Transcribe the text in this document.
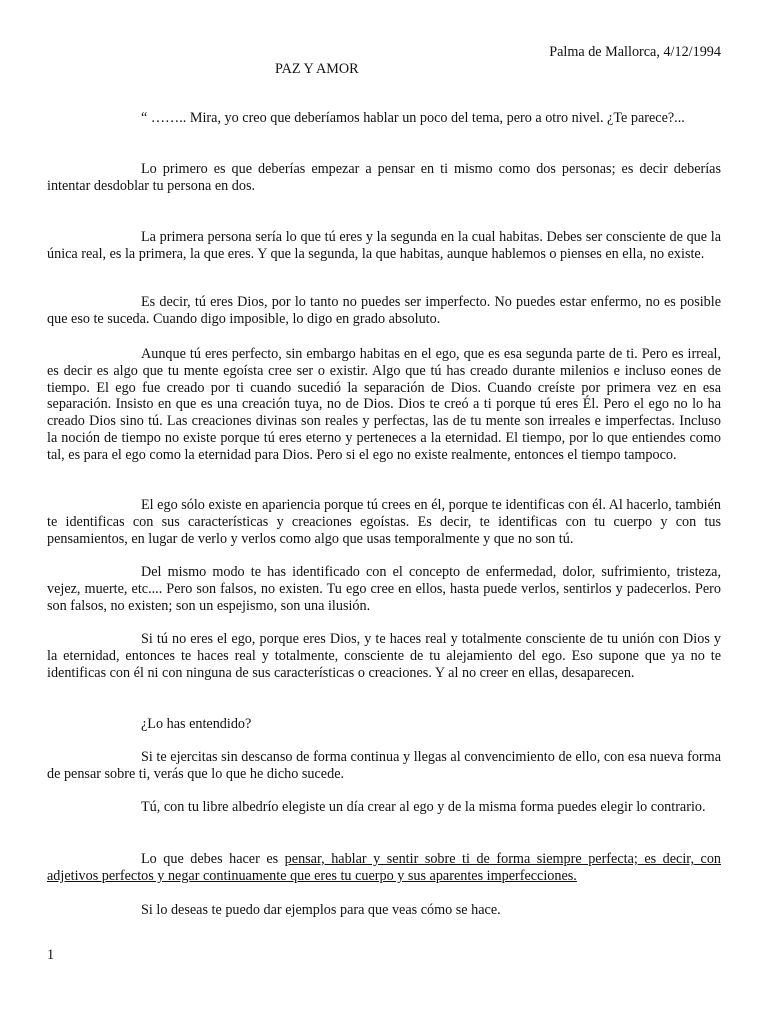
Palma de Mallorca, 4/12/1994
PAZ Y AMOR

“ …….. Mira, yo creo que deberíamos hablar un poco del tema, pero a otro nivel. ¿Te parece?...

Lo primero es que deberías empezar a pensar en ti mismo como dos personas; es decir deberías intentar desdoblar tu persona en dos.

La primera persona sería lo que tú eres y la segunda en la cual habitas. Debes ser consciente de que la única real, es la primera, la que eres. Y que la segunda, la que habitas, aunque hablemos o pienses en ella, no existe.

Es decir, tú eres Dios, por lo tanto no puedes ser imperfecto. No puedes estar enfermo, no es posible que eso te suceda. Cuando digo imposible, lo digo en grado absoluto.

Aunque tú eres perfecto, sin embargo habitas en el ego, que es esa segunda parte de ti. Pero es irreal, es decir es algo que tu mente egoísta cree ser o existir. Algo que tú has creado durante milenios e incluso eones de tiempo. El ego fue creado por ti cuando sucedió la separación de Dios. Cuando creíste por primera vez en esa separación. Insisto en que es una creación tuya, no de Dios. Dios te creó a ti porque tú eres Él. Pero el ego no lo ha creado Dios sino tú. Las creaciones divinas son reales y perfectas, las de tu mente son irreales e imperfectas. Incluso la noción de tiempo no existe porque tú eres eterno y perteneces a la eternidad. El tiempo, por lo que entiendes como tal, es para el ego como la eternidad para Dios. Pero si el ego no existe realmente, entonces el tiempo tampoco.

El ego sólo existe en apariencia porque tú crees en él, porque te identificas con él. Al hacerlo, también te identificas con sus características y creaciones egoístas. Es decir, te identificas con tu cuerpo y con tus pensamientos, en lugar de verlo y verlos como algo que usas temporalmente y que no son tú.

Del mismo modo te has identificado con el concepto de enfermedad, dolor, sufrimiento, tristeza, vejez, muerte, etc.... Pero son falsos, no existen. Tu ego cree en ellos, hasta puede verlos, sentirlos y padecerlos. Pero son falsos, no existen; son un espejismo, son una ilusión.

Si tú no eres el ego, porque eres Dios, y te haces real y totalmente consciente de tu unión con Dios y la eternidad, entonces te haces real y totalmente, consciente de tu alejamiento del ego. Eso supone que ya no te identificas con él ni con ninguna de sus características o creaciones. Y al no creer en ellas, desaparecen.

¿Lo has entendido?

Si te ejercitas sin descanso de forma continua y llegas al convencimiento de ello, con esa nueva forma de pensar sobre ti, verás que lo que he dicho sucede.

Tú, con tu libre albedrío elegiste un día crear al ego y de la misma forma puedes elegir lo contrario.

Lo que debes hacer es pensar, hablar y sentir sobre ti de forma siempre perfecta; es decir, con adjetivos perfectos y negar continuamente que eres tu cuerpo y sus aparentes imperfecciones.

Si lo deseas te puedo dar ejemplos para que veas cómo se hace.

1
